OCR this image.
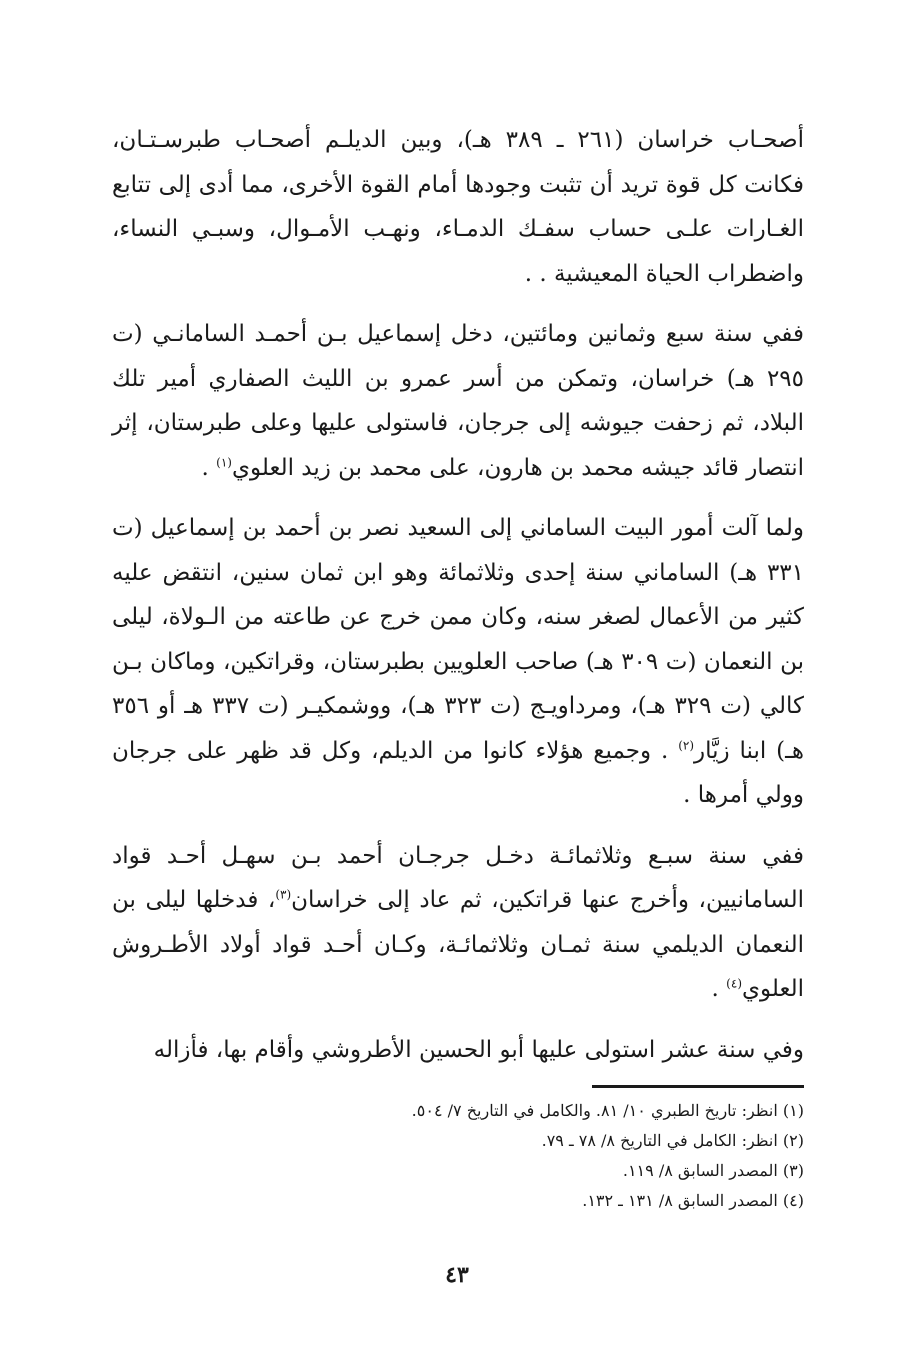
أصحـاب خراسان (٢٦١ ـ ٣٨٩ هـ)، وبين الديلـم أصحـاب طبرسـتـان، فكانت كل قوة تريد أن تثبت وجودها أمام القوة الأخرى، مما أدى إلى تتابع الغـارات علـى حساب سفـك الدمـاء، ونهـب الأمـوال، وسبـي النساء، واضطراب الحياة المعيشية . .

ففي سنة سبع وثمانين ومائتين، دخل إسماعيل بـن أحمـد السامانـي (ت ٢٩٥ هـ) خراسان، وتمكن من أسر عمرو بن الليث الصفاري أمير تلك البلاد، ثم زحفت جيوشه إلى جرجان، فاستولى عليها وعلى طبرستان، إثر انتصار قائد جيشه محمد بن هارون، على محمد بن زيد العلوي$^{(١)}$ .

ولما آلت أمور البيت الساماني إلى السعيد نصر بن أحمد بن إسماعيل (ت ٣٣١ هـ) الساماني سنة إحدى وثلاثمائة وهو ابن ثمان سنين، انتقض عليه كثير من الأعمال لصغر سنه، وكان ممن خرج عن طاعته من الـولاة، ليلى بن النعمان (ت ٣٠٩ هـ) صاحب العلويين بطبرستان، وقراتكين، وماكان بـن كالي (ت ٣٢٩ هـ)، ومرداويـج (ت ٣٢٣ هـ)، ووشمكيـر (ت ٣٣٧ هـ أو ٣٥٦ هـ) ابنا زيَّار$^{(٢)}$ . وجميع هؤلاء كانوا من الديلم، وكل قد ظهر على جرجان وولي أمرها .

ففي سنة سبـع وثلاثمائـة دخـل جرجـان أحمد بـن سهـل أحـد قواد السامانيين، وأخرج عنها قراتكين، ثم عاد إلى خراسان$^{(٣)}$، فدخلها ليلى بن النعمان الديلمي سنة ثمـان وثلاثمائـة، وكـان أحـد قواد أولاد الأطـروش العلوي$^{(٤)}$ .

وفي سنة عشر استولى عليها أبو الحسين الأطروشي وأقام بها، فأزاله

(١) انظر: تاريخ الطبري ١٠/ ٨١. والكامل في التاريخ ٧/ ٥٠٤.

(٢) انظر: الكامل في التاريخ ٨/ ٧٨ ـ ٧٩.

(٣) المصدر السابق ٨/ ١١٩.

(٤) المصدر السابق ٨/ ١٣١ ـ ١٣٢.

٤٣
